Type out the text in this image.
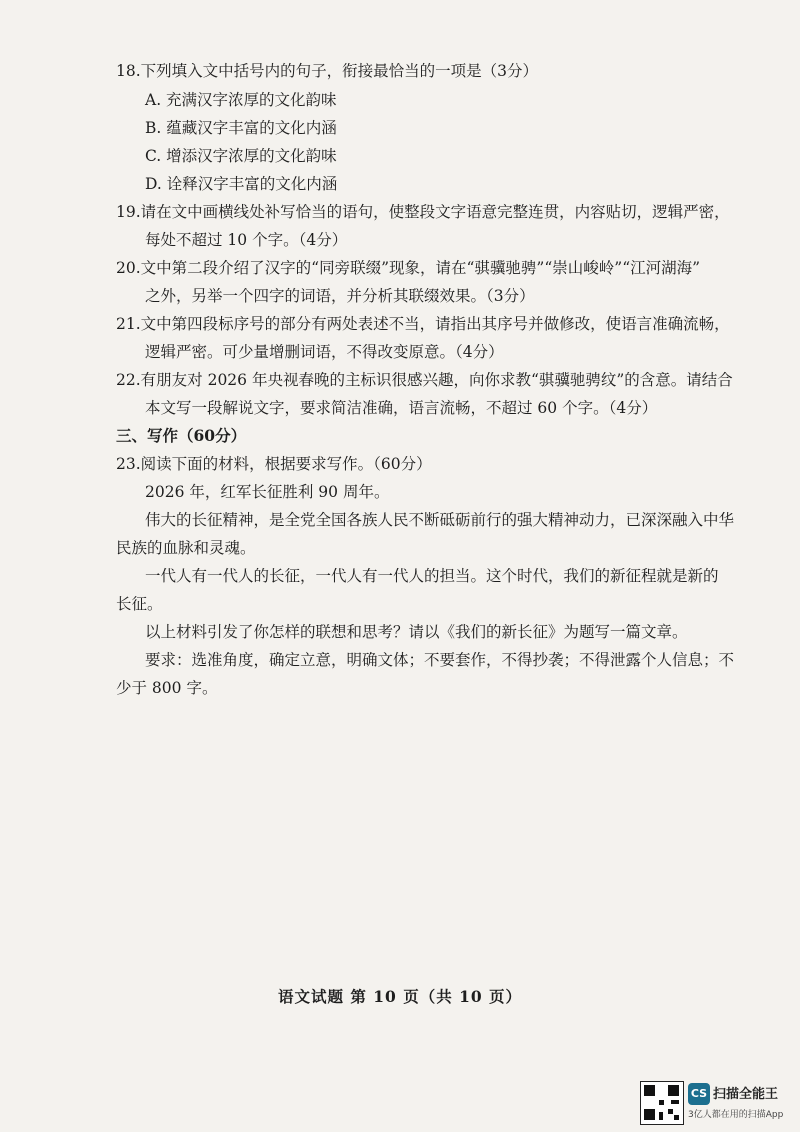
18.下列填入文中括号内的句子，衔接最恰当的一项是（3分）
A. 充满汉字浓厚的文化韵味
B. 蕴藏汉字丰富的文化内涵
C. 增添汉字浓厚的文化韵味
D. 诠释汉字丰富的文化内涵
19.请在文中画横线处补写恰当的语句，使整段文字语意完整连贯，内容贴切，逻辑严密，
每处不超过 10 个字。（4分）
20.文中第二段介绍了汉字的“同旁联缀”现象，请在“骐骥驰骋”“崇山峻岭”“江河湖海”
之外，另举一个四字的词语，并分析其联缀效果。（3分）
21.文中第四段标序号的部分有两处表述不当，请指出其序号并做修改，使语言准确流畅，
逻辑严密。可少量增删词语，不得改变原意。（4分）
22.有朋友对 2026 年央视春晚的主标识很感兴趣，向你求教“骐骥驰骋纹”的含意。请结合
本文写一段解说文字，要求简洁准确，语言流畅，不超过 60 个字。（4分）
三、写作（60分）
23.阅读下面的材料，根据要求写作。（60分）
2026 年，红军长征胜利 90 周年。
伟大的长征精神，是全党全国各族人民不断砥砺前行的强大精神动力，已深深融入中华
民族的血脉和灵魂。
一代人有一代人的长征，一代人有一代人的担当。这个时代，我们的新征程就是新的
长征。
以上材料引发了你怎样的联想和思考？请以《我们的新长征》为题写一篇文章。
要求：选准角度，确定立意，明确文体；不要套作，不得抄袭；不得泄露个人信息；不
少于 800 字。
语文试题 第 10 页（共 10 页）
CS 扫描全能王
3亿人都在用的扫描App
